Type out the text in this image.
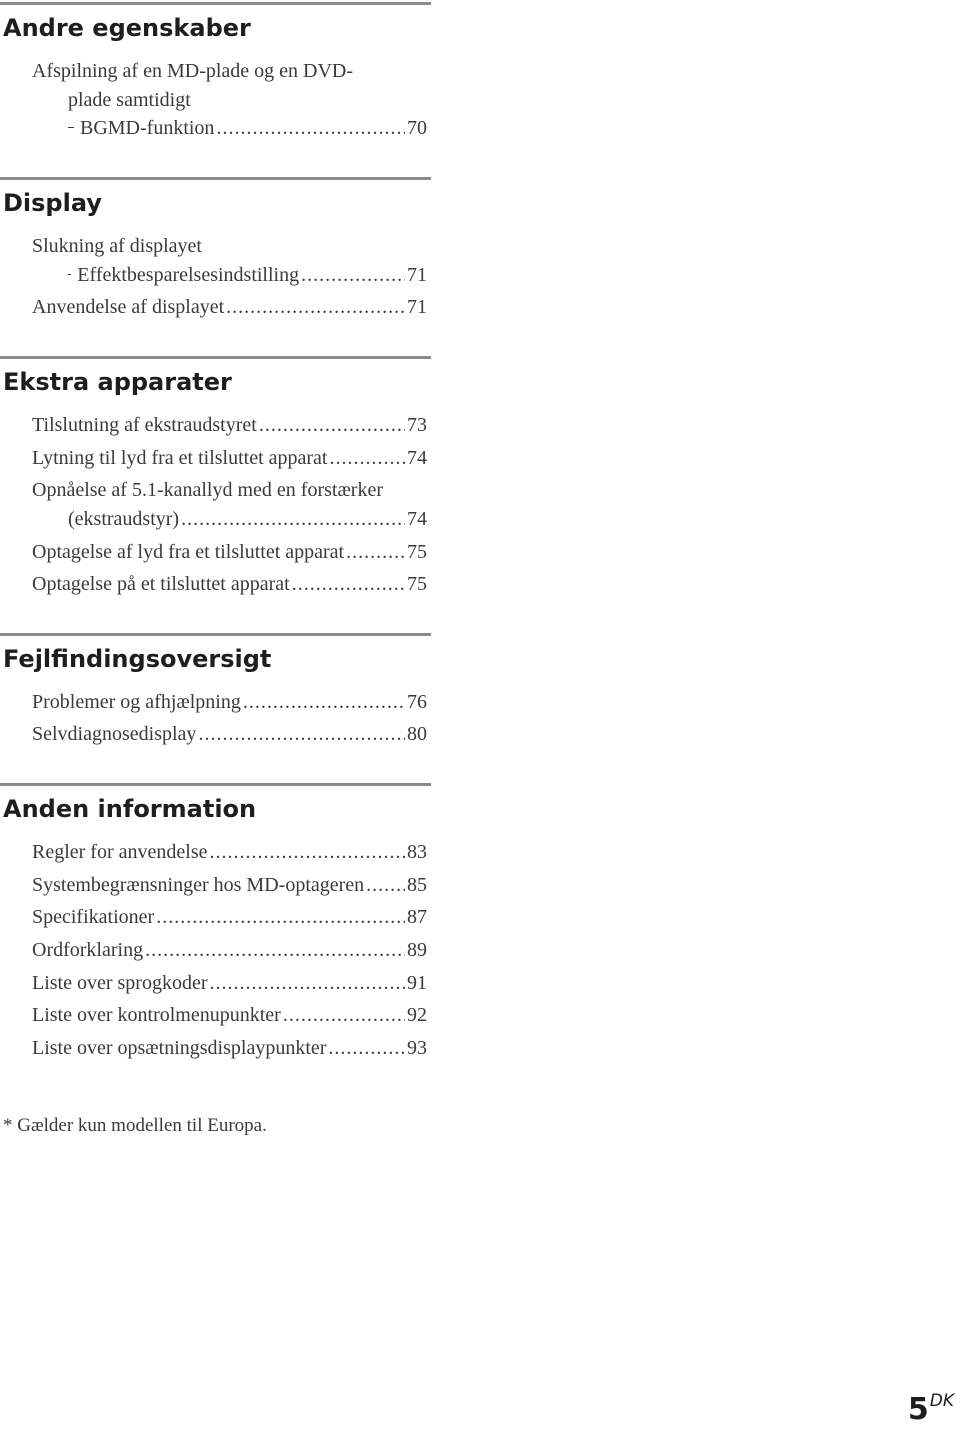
Andre egenskaber
Afspilning af en MD-plade og en DVD-
plade samtidigt
BGMD-funktion .....	70
Display
Slukning af displayet
Effektbesparelsesindstilling .....	71
Anvendelse af displayet .....	71
Ekstra apparater
Tilslutning af ekstraudstyret .....	73
Lytning til lyd fra et tilsluttet apparat .....	74
Opnåelse af 5.1-kanallyd med en forstærker
(ekstraudstyr) .....	74
Optagelse af lyd fra et tilsluttet apparat .....	75
Optagelse på et tilsluttet apparat .....	75
Fejlfindingsoversigt
Problemer og afhjælpning .....	76
Selvdiagnosedisplay .....	80
Anden information
Regler for anvendelse .....	83
Systembegrænsninger hos MD-optageren ..... 85
Specifikationer .....	87
Ordforklaring .....	89
Liste over sprogkoder .....	91
Liste over kontrolmenupunkter .....	92
Liste over opsætningsdisplaypunkter .....	93
* Gælder kun modellen til Europa.
$5^{DK}$
